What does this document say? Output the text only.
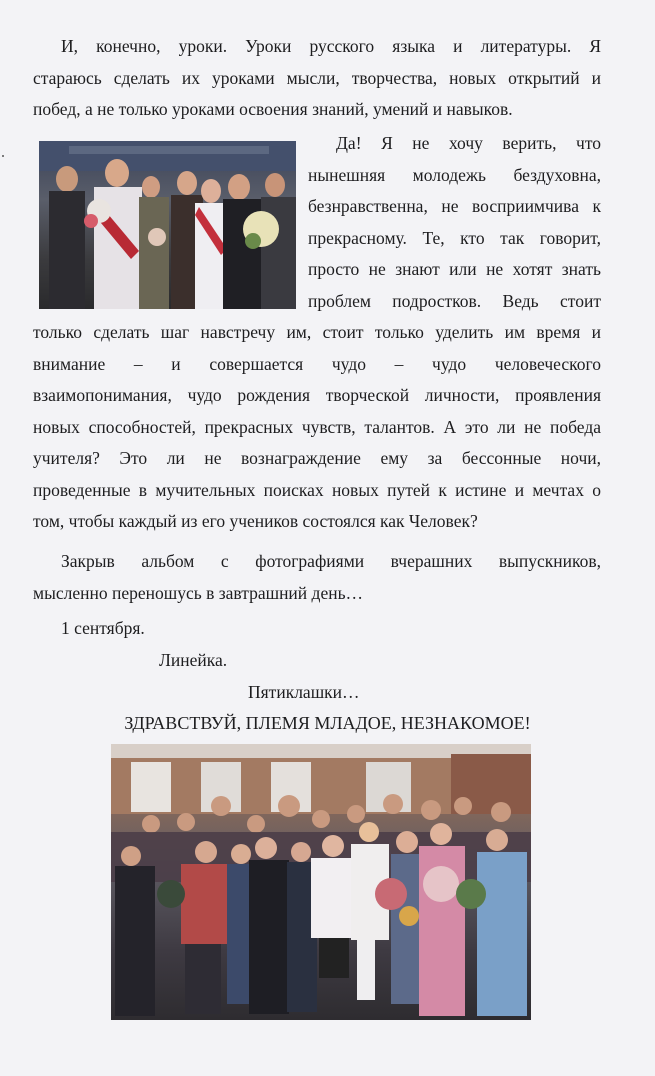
И, конечно, уроки. Уроки русского языка и литературы. Я
стараюсь сделать их уроками мысли, творчества, новых открытий и
побед, а не только уроками освоения знаний, умений и навыков.
Да! Я не хочу верить, что
нынешняя молодежь бездуховна,
безнравственна, не восприимчива к
прекрасному. Те, кто так говорит,
просто не знают или не хотят знать
проблем подростков. Ведь стоит
только сделать шаг навстречу им, стоит только уделить им время и
внимание – и совершается чудо – чудо человеческого
взаимопонимания, чудо рождения творческой личности, проявления
новых способностей, прекрасных чувств, талантов. А это ли не победа
учителя? Это ли не вознаграждение ему за бессонные ночи,
проведенные в мучительных поисках новых путей к истине и мечтах о
том, чтобы каждый из его учеников состоялся как Человек?
Закрыв альбом с фотографиями вчерашних выпускников,
мысленно переношусь в завтрашний день…
1 сентября.
Линейка.
Пятиклашки…
ЗДРАВСТВУЙ, ПЛЕМЯ МЛАДОЕ, НЕЗНАКОМОЕ!
